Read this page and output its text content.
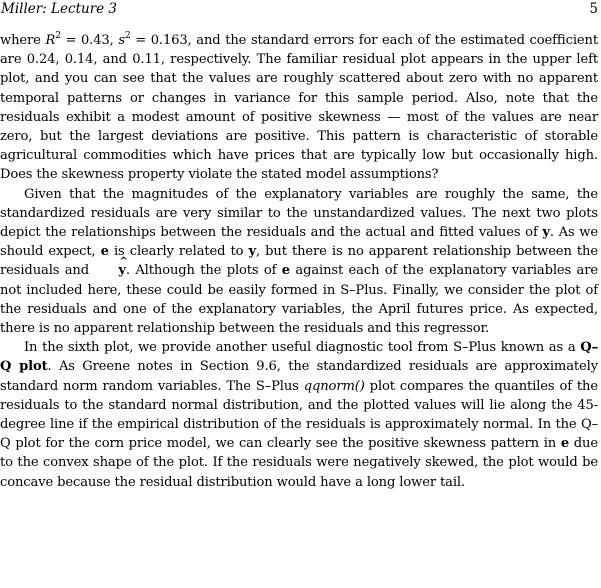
Miller: Lecture 3	5

where $R^2 = 0.43$, $s^2 = 0.163$, and the standard errors for each of the estimated coefficient are 0.24, 0.14, and 0.11, respectively. The familiar residual plot appears in the upper left plot, and you can see that the values are roughly scattered about zero with no apparent temporal patterns or changes in variance for this sample period. Also, note that the residuals exhibit a modest amount of positive skewness — most of the values are near zero, but the largest deviations are positive. This pattern is characteristic of storable agricultural commodities which have prices that are typically low but occasionally high. Does the skewness property violate the stated model assumptions?

Given that the magnitudes of the explanatory variables are roughly the same, the standardized residuals are very similar to the unstandardized values. The next two plots depict the relationships between the residuals and the actual and fitted values of y. As we should expect, e is clearly related to y, but there is no apparent relationship between the residuals and y ^. Although the plots of e against each of the explanatory variables are not included here, these could be easily formed in S–Plus. Finally, we consider the plot of the residuals and one of the explanatory variables, the April futures price. As expected, there is no apparent relationship between the residuals and this regressor.

In the sixth plot, we provide another useful diagnostic tool from S–Plus known as a Q–Q plot. As Greene notes in Section 9.6, the standardized residuals are approximately standard norm random variables. The S–Plus qqnorm() plot compares the quantiles of the residuals to the standard normal distribution, and the plotted values will lie along the 45-degree line if the empirical distribution of the residuals is approximately normal. In the Q–Q plot for the corn price model, we can clearly see the positive skewness pattern in e due to the convex shape of the plot. If the residuals were negatively skewed, the plot would be concave because the residual distribution would have a long lower tail.
